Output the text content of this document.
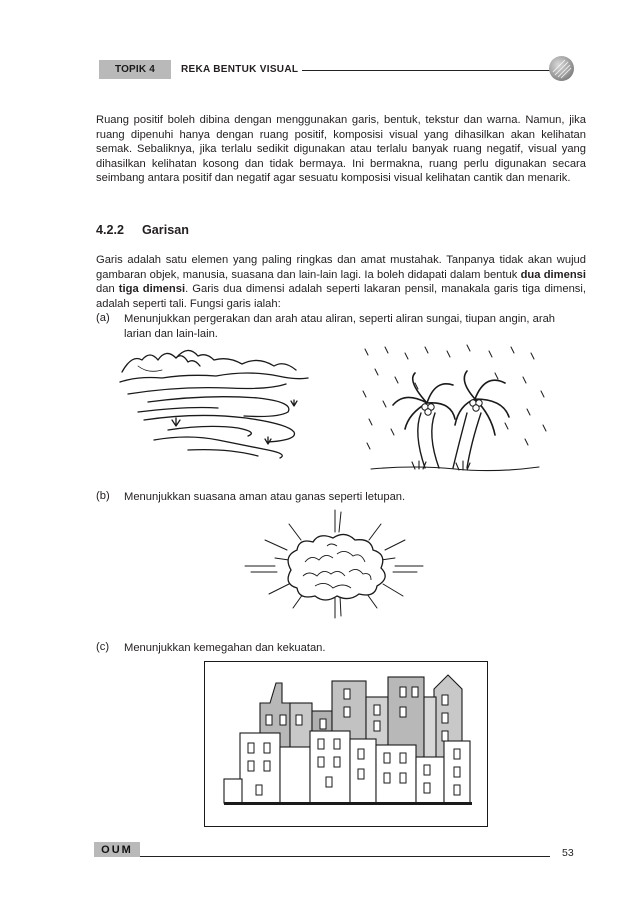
TOPIK 4	REKA BENTUK VISUAL
Ruang positif boleh dibina dengan menggunakan garis, bentuk, tekstur dan warna. Namun, jika ruang dipenuhi hanya dengan ruang positif, komposisi visual yang dihasilkan akan kelihatan semak. Sebaliknya, jika terlalu sedikit digunakan atau terlalu banyak ruang negatif, visual yang dihasilkan kelihatan kosong dan tidak bermaya. Ini bermakna, ruang perlu digunakan secara seimbang antara positif dan negatif agar sesuatu komposisi visual kelihatan cantik dan menarik.
4.2.2 Garisan
Garis adalah satu elemen yang paling ringkas dan amat mustahak. Tanpanya tidak akan wujud gambaran objek, manusia, suasana dan lain-lain lagi. Ia boleh didapati dalam bentuk dua dimensi dan tiga dimensi. Garis dua dimensi adalah seperti lakaran pensil, manakala garis tiga dimensi, adalah seperti tali. Fungsi garis ialah:
(a) Menunjukkan pergerakan dan arah atau aliran, seperti aliran sungai, tiupan angin, arah larian dan lain-lain.
(b) Menunjukkan suasana aman atau ganas seperti letupan.
(c) Menunjukkan kemegahan dan kekuatan.
OUM	53
